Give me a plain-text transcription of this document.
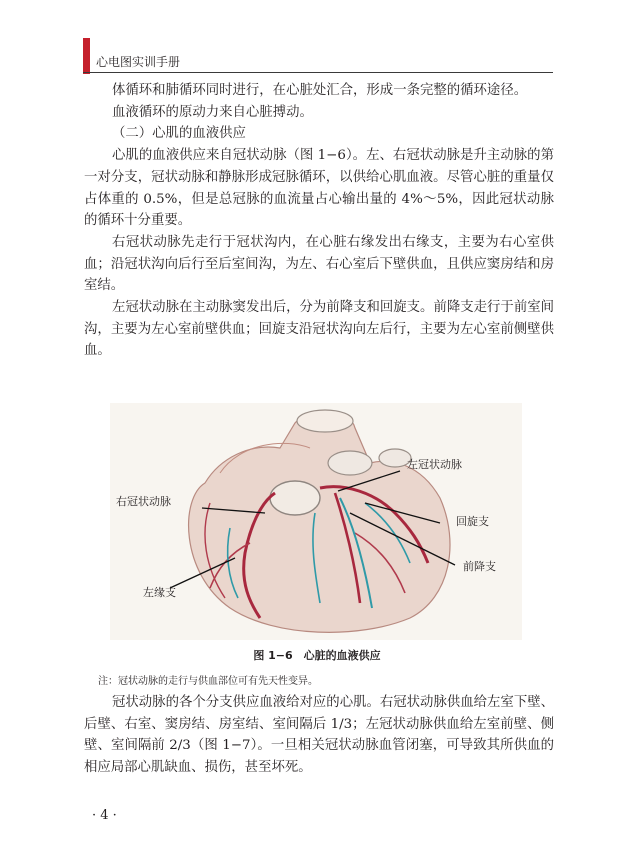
心电图实训手册

体循环和肺循环同时进行，在心脏处汇合，形成一条完整的循环途径。

血液循环的原动力来自心脏搏动。

（二）心肌的血液供应

心肌的血液供应来自冠状动脉（图 1−6）。左、右冠状动脉是升主动脉的第一对分支，冠状动脉和静脉形成冠脉循环，以供给心肌血液。尽管心脏的重量仅占体重的 0.5%，但是总冠脉的血流量占心输出量的 4%～5%，因此冠状动脉的循环十分重要。

右冠状动脉先走行于冠状沟内，在心脏右缘发出右缘支，主要为右心室供血；沿冠状沟向后行至后室间沟，为左、右心室后下壁供血，且供应窦房结和房室结。

左冠状动脉在主动脉窦发出后，分为前降支和回旋支。前降支走行于前室间沟，主要为左心室前壁供血；回旋支沿冠状沟向左后行，主要为左心室前侧壁供血。

左冠状动脉
右冠状动脉
回旋支
前降支
左缘支
图 1−6　心脏的血液供应
注：冠状动脉的走行与供血部位可有先天性变异。

冠状动脉的各个分支供应血液给对应的心肌。右冠状动脉供血给左室下壁、后壁、右室、窦房结、房室结、室间隔后 1/3；左冠状动脉供血给左室前壁、侧壁、室间隔前 2/3（图 1−7）。一旦相关冠状动脉血管闭塞，可导致其所供血的相应局部心肌缺血、损伤，甚至坏死。

· 4 ·
